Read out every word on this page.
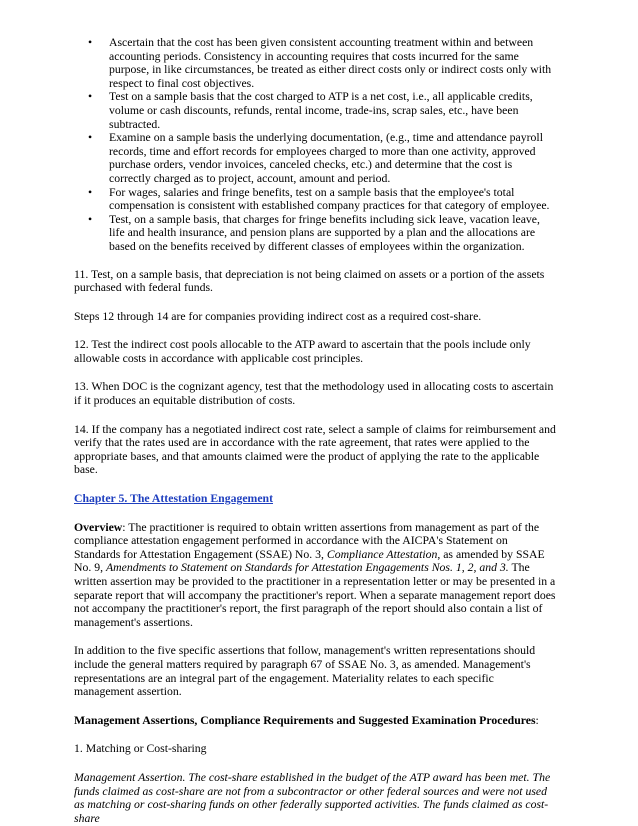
• Ascertain that the cost has been given consistent accounting treatment within and between accounting periods. Consistency in accounting requires that costs incurred for the same purpose, in like circumstances, be treated as either direct costs only or indirect costs only with respect to final cost objectives.
• Test on a sample basis that the cost charged to ATP is a net cost, i.e., all applicable credits, volume or cash discounts, refunds, rental income, trade-ins, scrap sales, etc., have been subtracted.
• Examine on a sample basis the underlying documentation, (e.g., time and attendance payroll records, time and effort records for employees charged to more than one activity, approved purchase orders, vendor invoices, canceled checks, etc.) and determine that the cost is correctly charged as to project, account, amount and period.
• For wages, salaries and fringe benefits, test on a sample basis that the employee's total compensation is consistent with established company practices for that category of employee.
• Test, on a sample basis, that charges for fringe benefits including sick leave, vacation leave, life and health insurance, and pension plans are supported by a plan and the allocations are based on the benefits received by different classes of employees within the organization.

11. Test, on a sample basis, that depreciation is not being claimed on assets or a portion of the assets purchased with federal funds.

Steps 12 through 14 are for companies providing indirect cost as a required cost-share.

12. Test the indirect cost pools allocable to the ATP award to ascertain that the pools include only allowable costs in accordance with applicable cost principles.

13. When DOC is the cognizant agency, test that the methodology used in allocating costs to ascertain if it produces an equitable distribution of costs.

14. If the company has a negotiated indirect cost rate, select a sample of claims for reimbursement and verify that the rates used are in accordance with the rate agreement, that rates were applied to the appropriate bases, and that amounts claimed were the product of applying the rate to the applicable base.

Chapter 5. The Attestation Engagement

Overview: The practitioner is required to obtain written assertions from management as part of the compliance attestation engagement performed in accordance with the AICPA's Statement on Standards for Attestation Engagement (SSAE) No. 3, Compliance Attestation, as amended by SSAE No. 9, Amendments to Statement on Standards for Attestation Engagements Nos. 1, 2, and 3. The written assertion may be provided to the practitioner in a representation letter or may be presented in a separate report that will accompany the practitioner's report. When a separate management report does not accompany the practitioner's report, the first paragraph of the report should also contain a list of management's assertions.

In addition to the five specific assertions that follow, management's written representations should include the general matters required by paragraph 67 of SSAE No. 3, as amended. Management's representations are an integral part of the engagement. Materiality relates to each specific management assertion.

Management Assertions, Compliance Requirements and Suggested Examination Procedures:

1. Matching or Cost-sharing

Management Assertion. The cost-share established in the budget of the ATP award has been met. The funds claimed as cost-share are not from a subcontractor or other federal sources and were not used as matching or cost-sharing funds on other federally supported activities. The funds claimed as cost-share
